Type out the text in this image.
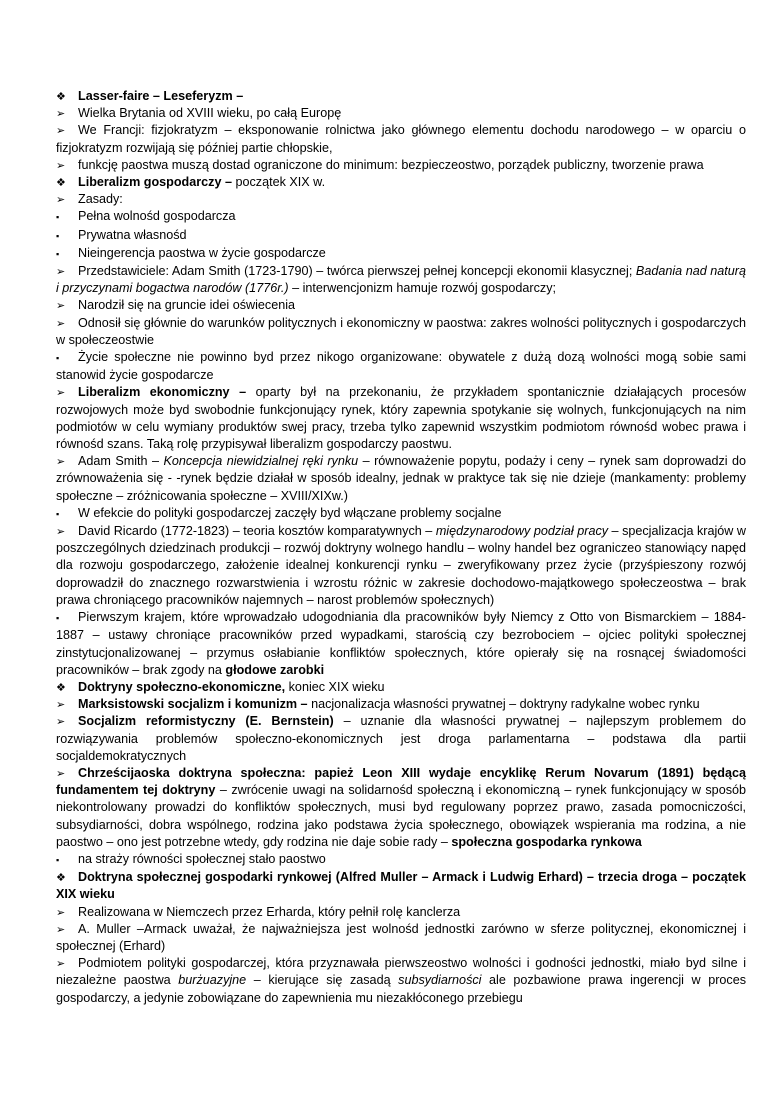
❖ Lasser-faire – Leseferyzm –

➢ Wielka Brytania od XVIII wieku, po całą Europę

➢ We Francji: fizjokratyzm – eksponowanie rolnictwa jako głównego elementu dochodu narodowego – w oparciu o fizjokratyzm rozwijają się później partie chłopskie,

➢ funkcję paostwa muszą dostad ograniczone do minimum: bezpieczeostwo, porządek publiczny, tworzenie prawa

❖ Liberalizm gospodarczy – początek XIX w.

➢ Zasady:

▪ Pełna wolnośd gospodarcza

▪ Prywatna własnośd

▪ Nieingerencja paostwa w życie gospodarcze

➢ Przedstawiciele: Adam Smith (1723-1790) – twórca pierwszej pełnej koncepcji ekonomii klasycznej; Badania nad naturą i przyczynami bogactwa narodów (1776r.) – interwencjonizm hamuje rozwój gospodarczy;

➢ Narodził się na gruncie idei oświecenia

➢ Odnosił się głównie do warunków politycznych i ekonomiczny w paostwa: zakres wolności politycznych i gospodarczych w społeczeostwie

▪ Życie społeczne nie powinno byd przez nikogo organizowane: obywatele z dużą dozą wolności mogą sobie sami stanowid życie gospodarcze

➢ Liberalizm ekonomiczny – oparty był na przekonaniu, że przykładem spontanicznie działających procesów rozwojowych może byd swobodnie funkcjonujący rynek, który zapewnia spotykanie się wolnych, funkcjonujących na nim podmiotów w celu wymiany produktów swej pracy, trzeba tylko zapewnid wszystkim podmiotom równośd wobec prawa i równośd szans. Taką rolę przypisywał liberalizm gospodarczy paostwu.

➢ Adam Smith – Koncepcja niewidzialnej ręki rynku – równoważenie popytu, podaży i ceny – rynek sam doprowadzi do zrównoważenia się - -rynek będzie działał w sposób idealny, jednak w praktyce tak się nie dzieje (mankamenty: problemy społeczne – zróżnicowania społeczne – XVIII/XIXw.)

▪ W efekcie do polityki gospodarczej zaczęły byd włączane problemy socjalne

➢ David Ricardo (1772-1823) – teoria kosztów komparatywnych – międzynarodowy podział pracy – specjalizacja krajów w poszczególnych dziedzinach produkcji – rozwój doktryny wolnego handlu – wolny handel bez ograniczeo stanowiący napęd dla rozwoju gospodarczego, założenie idealnej konkurencji rynku – zweryfikowany przez życie (przyśpieszony rozwój doprowadził do znacznego rozwarstwienia i wzrostu różnic w zakresie dochodowo-majątkowego społeczeostwa – brak prawa chroniącego pracowników najemnych – narost problemów społecznych)

▪ Pierwszym krajem, które wprowadzało udogodniania dla pracowników były Niemcy z Otto von Bismarckiem – 1884-1887 – ustawy chroniące pracowników przed wypadkami, starością czy bezrobociem – ojciec polityki społecznej zinstytucjonalizowanej – przymus osłabianie konfliktów społecznych, które opierały się na rosnącej świadomości pracowników – brak zgody na głodowe zarobki

❖ Doktryny społeczno-ekonomiczne, koniec XIX wieku

➢ Marksistowski socjalizm i komunizm – nacjonalizacja własności prywatnej – doktryny radykalne wobec rynku

➢ Socjalizm reformistyczny (E. Bernstein) – uznanie dla własności prywatnej – najlepszym problemem do rozwiązywania problemów społeczno-ekonomicznych jest droga parlamentarna – podstawa dla partii socjaldemokratycznych

➢ Chrześcijaoska doktryna społeczna: papież Leon XIII wydaje encyklikę Rerum Novarum (1891) będącą fundamentem tej doktryny – zwrócenie uwagi na solidarnośd społeczną i ekonomiczną – rynek funkcjonujący w sposób niekontrolowany prowadzi do konfliktów społecznych, musi byd regulowany poprzez prawo, zasada pomocniczości, subsydiarności, dobra wspólnego, rodzina jako podstawa życia społecznego, obowiązek wspierania ma rodzina, a nie paostwo – ono jest potrzebne wtedy, gdy rodzina nie daje sobie rady – społeczna gospodarka rynkowa

▪ na straży równości społecznej stało paostwo

❖ Doktryna społecznej gospodarki rynkowej (Alfred Muller – Armack i Ludwig Erhard) – trzecia droga – początek XIX wieku

➢ Realizowana w Niemczech przez Erharda, który pełnił rolę kanclerza

➢ A. Muller –Armack uważał, że najważniejsza jest wolnośd jednostki zarówno w sferze politycznej, ekonomicznej i społecznej (Erhard)

➢ Podmiotem polityki gospodarczej, która przyznawała pierwszeostwo wolności i godności jednostki, miało byd silne i niezależne paostwa burżuazyjne – kierujące się zasadą subsydiarności ale pozbawione prawa ingerencji w proces gospodarczy, a jedynie zobowiązane do zapewnienia mu niezakłóconego przebiegu
